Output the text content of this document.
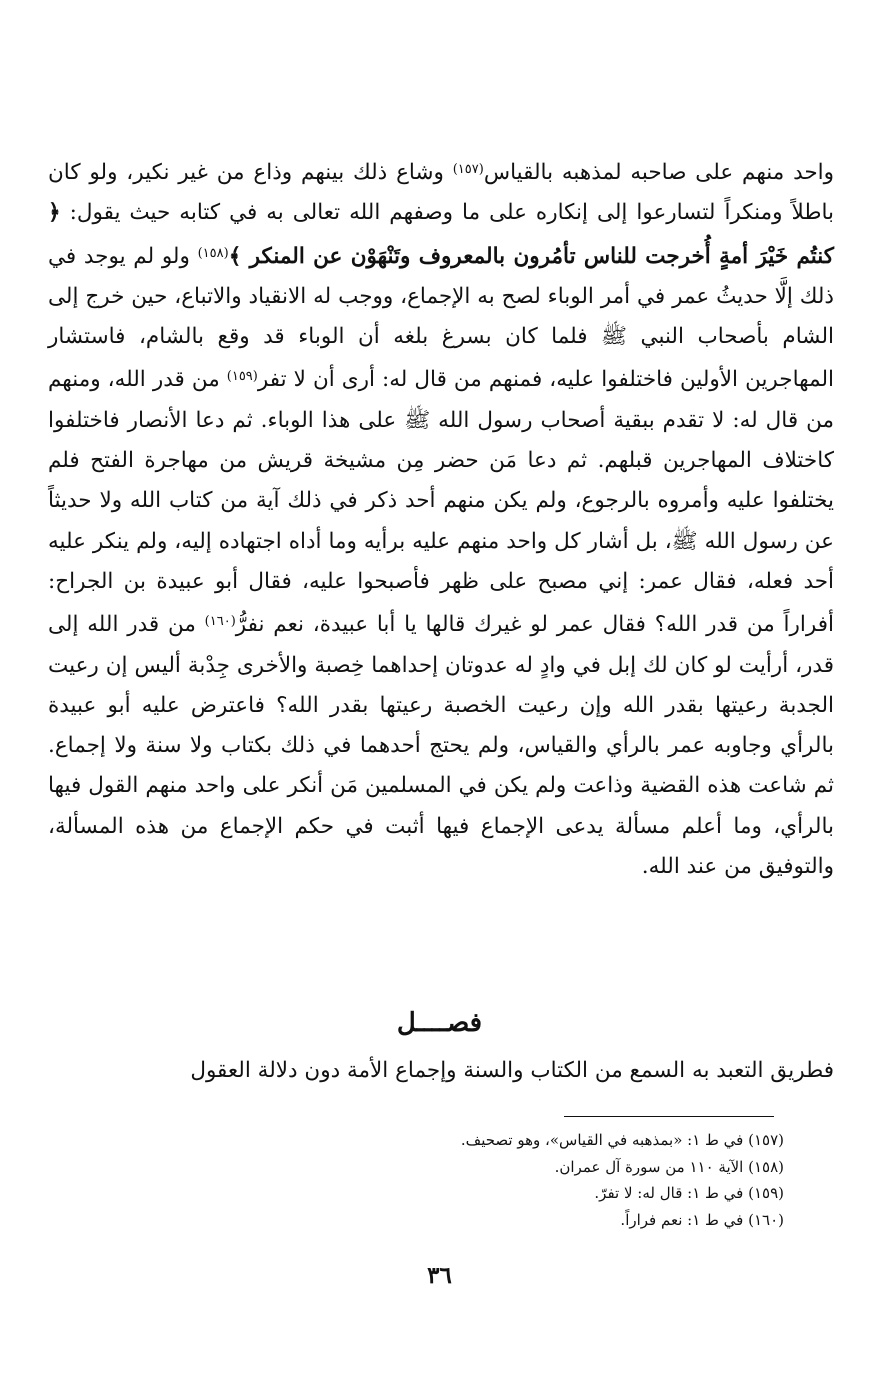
واحد منهم على صاحبه لمذهبه بالقياس$^{(١٥٧)}$ وشاع ذلك بينهم وذاع من غير نكير، ولو كان باطلاً ومنكراً لتسارعوا إلى إنكاره على ما وصفهم الله تعالى به في كتابه حيث يقول: ﴿ كنتُم خَيْرَ أمةٍ أُخرجت للناس تأمُرون بالمعروف وتَنْهَوْن عن المنكر ﴾$^{(١٥٨)}$ ولو لم يوجد في ذلك إلَّا حديثُ عمر في أمر الوباء لصح به الإجماع، ووجب له الانقياد والاتباع، حين خرج إلى الشام بأصحاب النبي ﷺ فلما كان بسرغ بلغه أن الوباء قد وقع بالشام، فاستشار المهاجرين الأولين فاختلفوا عليه، فمنهم من قال له: أرى أن لا تفر$^{(١٥٩)}$ من قدر الله، ومنهم من قال له: لا تقدم ببقية أصحاب رسول الله ﷺ على هذا الوباء. ثم دعا الأنصار فاختلفوا كاختلاف المهاجرين قبلهم. ثم دعا مَن حضر مِن مشيخة قريش من مهاجرة الفتح فلم يختلفوا عليه وأمروه بالرجوع، ولم يكن منهم أحد ذكر في ذلك آية من كتاب الله ولا حديثاً عن رسول الله ﷺ، بل أشار كل واحد منهم عليه برأيه وما أداه اجتهاده إليه، ولم ينكر عليه أحد فعله، فقال عمر: إني مصبح على ظهر فأصبحوا عليه، فقال أبو عبيدة بن الجراح: أفراراً من قدر الله؟ فقال عمر لو غيرك قالها يا أبا عبيدة، نعم نفرُّ$^{(١٦٠)}$ من قدر الله إلى قدر، أرأيت لو كان لك إبل في وادٍ له عدوتان إحداهما خِصبة والأخرى جِدْبة أليس إن رعيت الجدبة رعيتها بقدر الله وإن رعيت الخصبة رعيتها بقدر الله؟ فاعترض عليه أبو عبيدة بالرأي وجاوبه عمر بالرأي والقياس، ولم يحتج أحدهما في ذلك بكتاب ولا سنة ولا إجماع. ثم شاعت هذه القضية وذاعت ولم يكن في المسلمين مَن أنكر على واحد منهم القول فيها بالرأي، وما أعلم مسألة يدعى الإجماع فيها أثبت في حكم الإجماع من هذه المسألة، والتوفيق من عند الله.

فصــــل

فطريق التعبد به السمع من الكتاب والسنة وإجماع الأمة دون دلالة العقول

(١٥٧) في ط ١: «بمذهبه في القياس»، وهو تصحيف.
(١٥٨) الآية ١١٠ من سورة آل عمران.
(١٥٩) في ط ١: قال له: لا تفرّ.
(١٦٠) في ط ١: نعم فراراً.
٣٦
